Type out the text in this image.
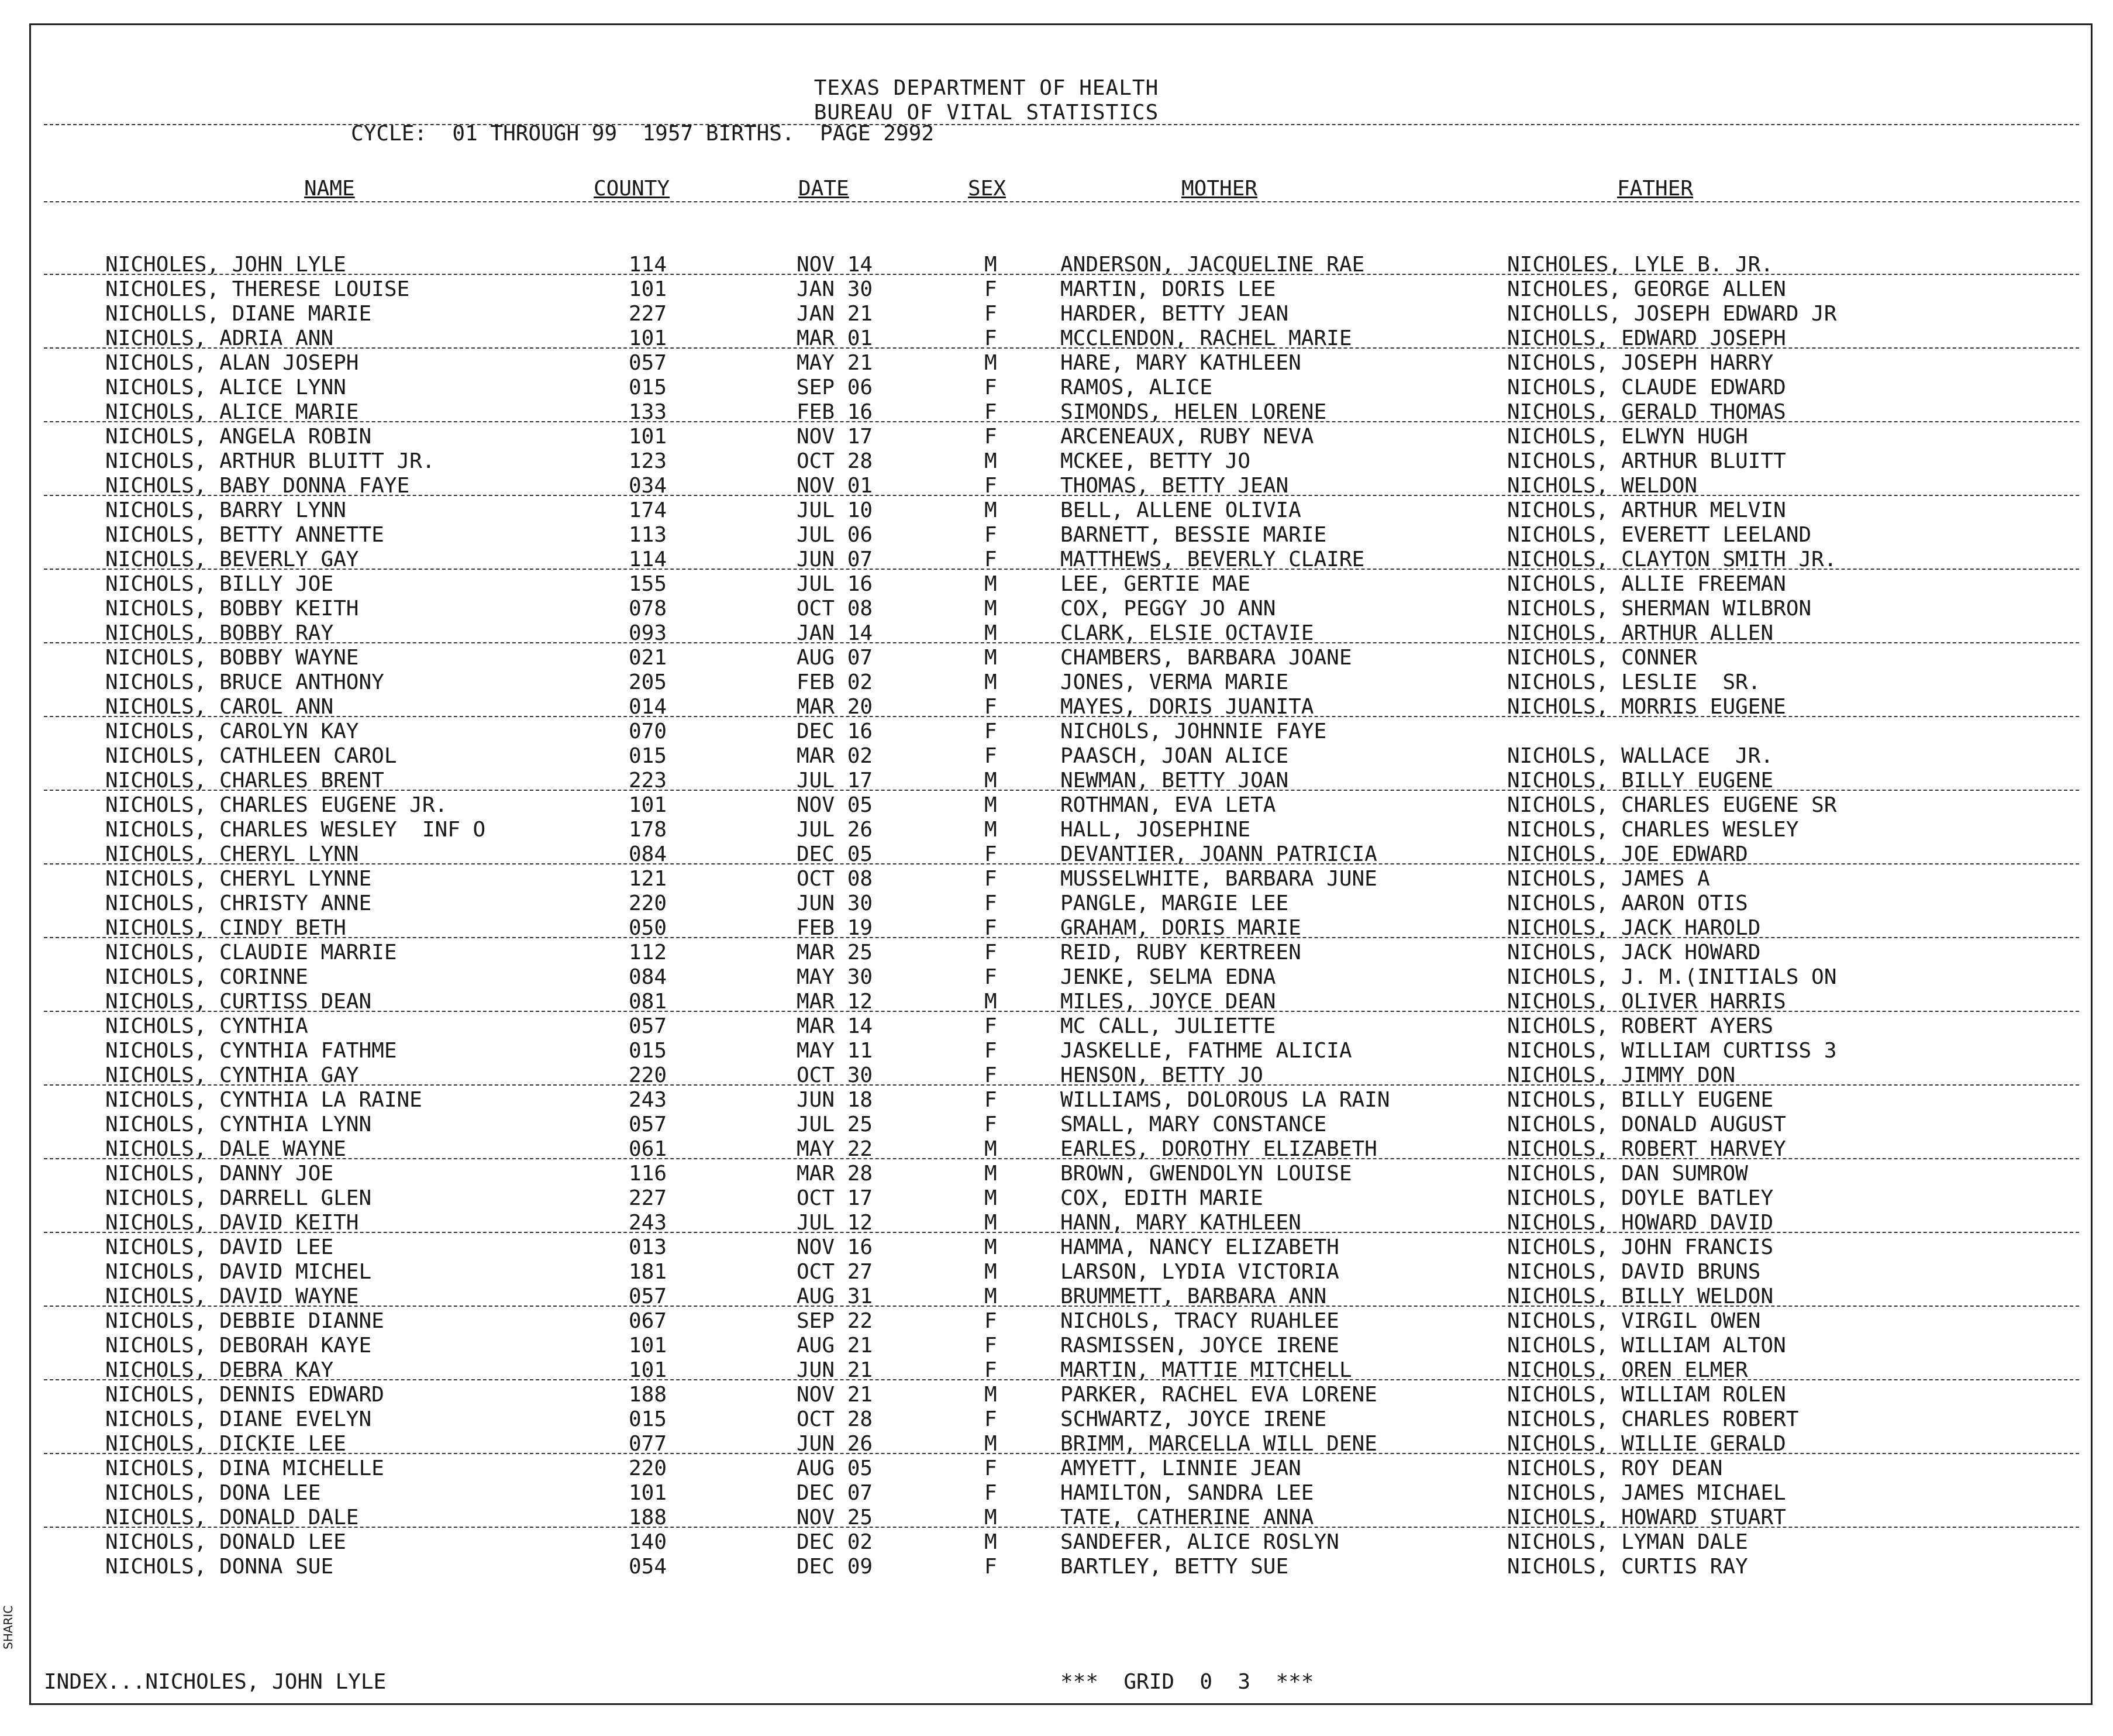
TEXAS DEPARTMENT OF HEALTH
BUREAU OF VITAL STATISTICS
CYCLE:  01 THROUGH 99  1957 BIRTHS.  PAGE 2992
NAME	COUNTY	DATE	SEX	MOTHER	FATHER
NICHOLES, JOHN LYLE	114	NOV 14	M	ANDERSON, JACQUELINE RAE	NICHOLES, LYLE B. JR.
NICHOLES, THERESE LOUISE	101	JAN 30	F	MARTIN, DORIS LEE	NICHOLES, GEORGE ALLEN
NICHOLLS, DIANE MARIE	227	JAN 21	F	HARDER, BETTY JEAN	NICHOLLS, JOSEPH EDWARD JR
NICHOLS, ADRIA ANN	101	MAR 01	F	MCCLENDON, RACHEL MARIE	NICHOLS, EDWARD JOSEPH
NICHOLS, ALAN JOSEPH	057	MAY 21	M	HARE, MARY KATHLEEN	NICHOLS, JOSEPH HARRY
NICHOLS, ALICE LYNN	015	SEP 06	F	RAMOS, ALICE	NICHOLS, CLAUDE EDWARD
NICHOLS, ALICE MARIE	133	FEB 16	F	SIMONDS, HELEN LORENE	NICHOLS, GERALD THOMAS
NICHOLS, ANGELA ROBIN	101	NOV 17	F	ARCENEAUX, RUBY NEVA	NICHOLS, ELWYN HUGH
NICHOLS, ARTHUR BLUITT JR.	123	OCT 28	M	MCKEE, BETTY JO	NICHOLS, ARTHUR BLUITT
NICHOLS, BABY DONNA FAYE	034	NOV 01	F	THOMAS, BETTY JEAN	NICHOLS, WELDON
NICHOLS, BARRY LYNN	174	JUL 10	M	BELL, ALLENE OLIVIA	NICHOLS, ARTHUR MELVIN
NICHOLS, BETTY ANNETTE	113	JUL 06	F	BARNETT, BESSIE MARIE	NICHOLS, EVERETT LEELAND
NICHOLS, BEVERLY GAY	114	JUN 07	F	MATTHEWS, BEVERLY CLAIRE	NICHOLS, CLAYTON SMITH JR.
NICHOLS, BILLY JOE	155	JUL 16	M	LEE, GERTIE MAE	NICHOLS, ALLIE FREEMAN
NICHOLS, BOBBY KEITH	078	OCT 08	M	COX, PEGGY JO ANN	NICHOLS, SHERMAN WILBRON
NICHOLS, BOBBY RAY	093	JAN 14	M	CLARK, ELSIE OCTAVIE	NICHOLS, ARTHUR ALLEN
NICHOLS, BOBBY WAYNE	021	AUG 07	M	CHAMBERS, BARBARA JOANE	NICHOLS, CONNER
NICHOLS, BRUCE ANTHONY	205	FEB 02	M	JONES, VERMA MARIE	NICHOLS, LESLIE  SR.
NICHOLS, CAROL ANN	014	MAR 20	F	MAYES, DORIS JUANITA	NICHOLS, MORRIS EUGENE
NICHOLS, CAROLYN KAY	070	DEC 16	F	NICHOLS, JOHNNIE FAYE
NICHOLS, CATHLEEN CAROL	015	MAR 02	F	PAASCH, JOAN ALICE	NICHOLS, WALLACE  JR.
NICHOLS, CHARLES BRENT	223	JUL 17	M	NEWMAN, BETTY JOAN	NICHOLS, BILLY EUGENE
NICHOLS, CHARLES EUGENE JR.	101	NOV 05	M	ROTHMAN, EVA LETA	NICHOLS, CHARLES EUGENE SR
NICHOLS, CHARLES WESLEY  INF O	178	JUL 26	M	HALL, JOSEPHINE	NICHOLS, CHARLES WESLEY
NICHOLS, CHERYL LYNN	084	DEC 05	F	DEVANTIER, JOANN PATRICIA	NICHOLS, JOE EDWARD
NICHOLS, CHERYL LYNNE	121	OCT 08	F	MUSSELWHITE, BARBARA JUNE	NICHOLS, JAMES A
NICHOLS, CHRISTY ANNE	220	JUN 30	F	PANGLE, MARGIE LEE	NICHOLS, AARON OTIS
NICHOLS, CINDY BETH	050	FEB 19	F	GRAHAM, DORIS MARIE	NICHOLS, JACK HAROLD
NICHOLS, CLAUDIE MARRIE	112	MAR 25	F	REID, RUBY KERTREEN	NICHOLS, JACK HOWARD
NICHOLS, CORINNE	084	MAY 30	F	JENKE, SELMA EDNA	NICHOLS, J. M.(INITIALS ON
NICHOLS, CURTISS DEAN	081	MAR 12	M	MILES, JOYCE DEAN	NICHOLS, OLIVER HARRIS
NICHOLS, CYNTHIA	057	MAR 14	F	MC CALL, JULIETTE	NICHOLS, ROBERT AYERS
NICHOLS, CYNTHIA FATHME	015	MAY 11	F	JASKELLE, FATHME ALICIA	NICHOLS, WILLIAM CURTISS 3
NICHOLS, CYNTHIA GAY	220	OCT 30	F	HENSON, BETTY JO	NICHOLS, JIMMY DON
NICHOLS, CYNTHIA LA RAINE	243	JUN 18	F	WILLIAMS, DOLOROUS LA RAIN	NICHOLS, BILLY EUGENE
NICHOLS, CYNTHIA LYNN	057	JUL 25	F	SMALL, MARY CONSTANCE	NICHOLS, DONALD AUGUST
NICHOLS, DALE WAYNE	061	MAY 22	M	EARLES, DOROTHY ELIZABETH	NICHOLS, ROBERT HARVEY
NICHOLS, DANNY JOE	116	MAR 28	M	BROWN, GWENDOLYN LOUISE	NICHOLS, DAN SUMROW
NICHOLS, DARRELL GLEN	227	OCT 17	M	COX, EDITH MARIE	NICHOLS, DOYLE BATLEY
NICHOLS, DAVID KEITH	243	JUL 12	M	HANN, MARY KATHLEEN	NICHOLS, HOWARD DAVID
NICHOLS, DAVID LEE	013	NOV 16	M	HAMMA, NANCY ELIZABETH	NICHOLS, JOHN FRANCIS
NICHOLS, DAVID MICHEL	181	OCT 27	M	LARSON, LYDIA VICTORIA	NICHOLS, DAVID BRUNS
NICHOLS, DAVID WAYNE	057	AUG 31	M	BRUMMETT, BARBARA ANN	NICHOLS, BILLY WELDON
NICHOLS, DEBBIE DIANNE	067	SEP 22	F	NICHOLS, TRACY RUAHLEE	NICHOLS, VIRGIL OWEN
NICHOLS, DEBORAH KAYE	101	AUG 21	F	RASMISSEN, JOYCE IRENE	NICHOLS, WILLIAM ALTON
NICHOLS, DEBRA KAY	101	JUN 21	F	MARTIN, MATTIE MITCHELL	NICHOLS, OREN ELMER
NICHOLS, DENNIS EDWARD	188	NOV 21	M	PARKER, RACHEL EVA LORENE	NICHOLS, WILLIAM ROLEN
NICHOLS, DIANE EVELYN	015	OCT 28	F	SCHWARTZ, JOYCE IRENE	NICHOLS, CHARLES ROBERT
NICHOLS, DICKIE LEE	077	JUN 26	M	BRIMM, MARCELLA WILL DENE	NICHOLS, WILLIE GERALD
NICHOLS, DINA MICHELLE	220	AUG 05	F	AMYETT, LINNIE JEAN	NICHOLS, ROY DEAN
NICHOLS, DONA LEE	101	DEC 07	F	HAMILTON, SANDRA LEE	NICHOLS, JAMES MICHAEL
NICHOLS, DONALD DALE	188	NOV 25	M	TATE, CATHERINE ANNA	NICHOLS, HOWARD STUART
NICHOLS, DONALD LEE	140	DEC 02	M	SANDEFER, ALICE ROSLYN	NICHOLS, LYMAN DALE
NICHOLS, DONNA SUE	054	DEC 09	F	BARTLEY, BETTY SUE	NICHOLS, CURTIS RAY
INDEX...NICHOLES, JOHN LYLE	***  GRID  0  3  ***
SHARIC
